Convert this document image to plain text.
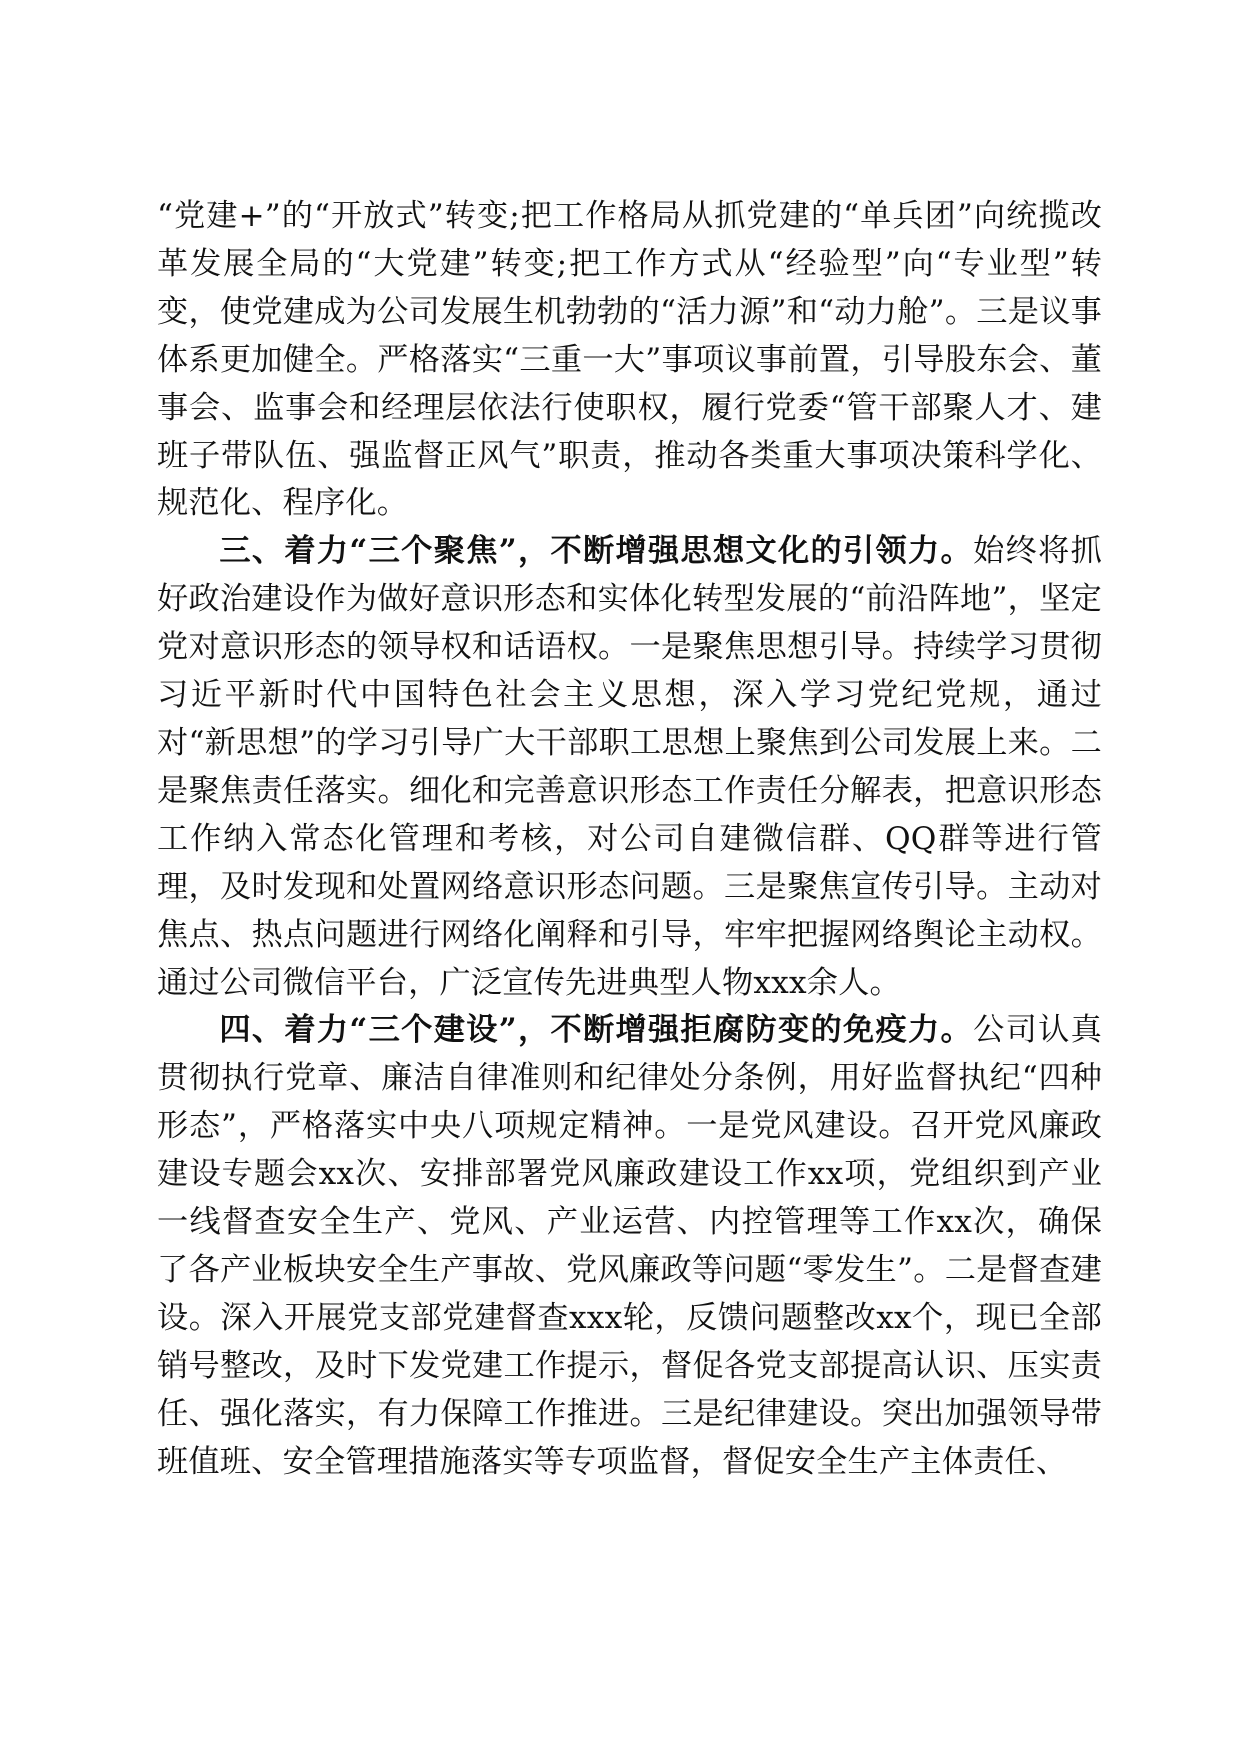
“党建+”的“开放式”转变;把工作格局从抓党建的“单兵团”向统揽改革发展全局的“大党建”转变;把工作方式从“经验型”向“专业型”转变，使党建成为公司发展生机勃勃的“活力源”和“动力舱”。三是议事体系更加健全。严格落实“三重一大”事项议事前置，引导股东会、董事会、监事会和经理层依法行使职权，履行党委“管干部聚人才、建班子带队伍、强监督正风气”职责，推动各类重大事项决策科学化、规范化、程序化。

三、着力“三个聚焦”，不断增强思想文化的引领力。始终将抓好政治建设作为做好意识形态和实体化转型发展的“前沿阵地”，坚定党对意识形态的领导权和话语权。一是聚焦思想引导。持续学习贯彻习近平新时代中国特色社会主义思想，深入学习党纪党规，通过对“新思想”的学习引导广大干部职工思想上聚焦到公司发展上来。二是聚焦责任落实。细化和完善意识形态工作责任分解表，把意识形态工作纳入常态化管理和考核，对公司自建微信群、QQ群等进行管理，及时发现和处置网络意识形态问题。三是聚焦宣传引导。主动对焦点、热点问题进行网络化阐释和引导，牢牢把握网络舆论主动权。通过公司微信平台，广泛宣传先进典型人物xxx余人。

四、着力“三个建设”，不断增强拒腐防变的免疫力。公司认真贯彻执行党章、廉洁自律准则和纪律处分条例，用好监督执纪“四种形态”，严格落实中央八项规定精神。一是党风建设。召开党风廉政建设专题会xx次、安排部署党风廉政建设工作xx项，党组织到产业一线督查安全生产、党风、产业运营、内控管理等工作xx次，确保了各产业板块安全生产事故、党风廉政等问题“零发生”。二是督查建设。深入开展党支部党建督查xxx轮，反馈问题整改xx个，现已全部销号整改，及时下发党建工作提示，督促各党支部提高认识、压实责任、强化落实，有力保障工作推进。三是纪律建设。突出加强领导带班值班、安全管理措施落实等专项监督，督促安全生产主体责任、
